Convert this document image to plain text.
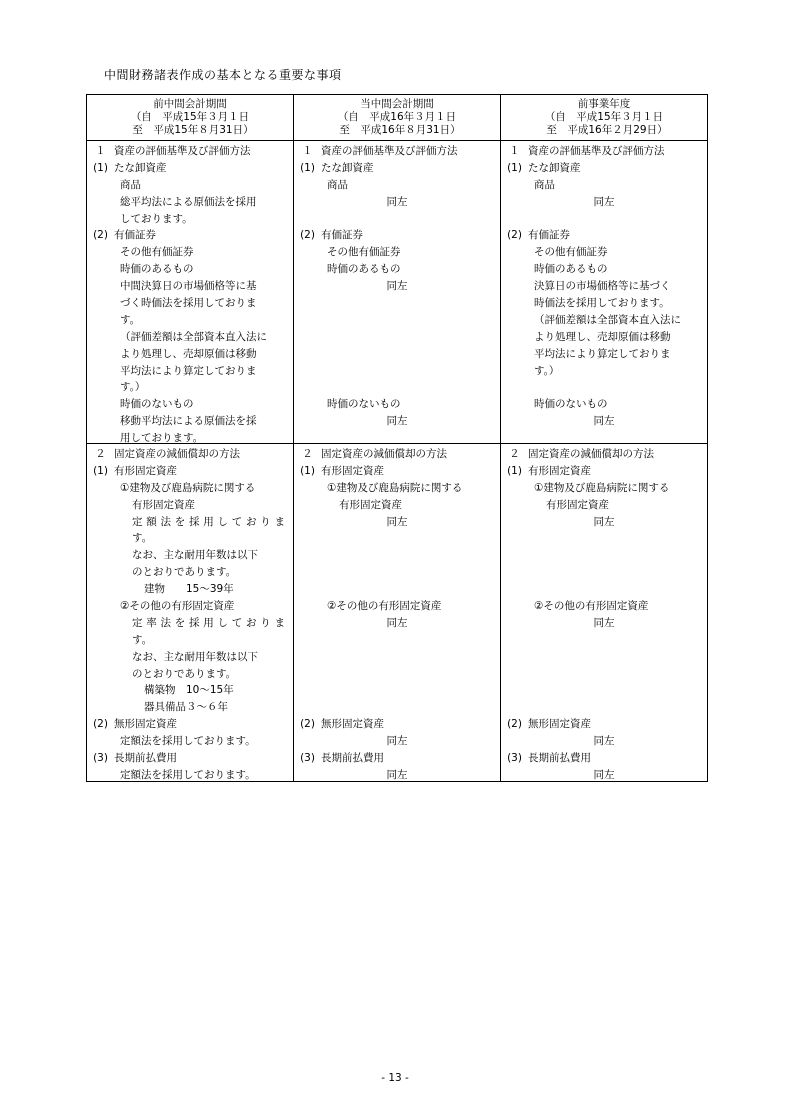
中間財務諸表作成の基本となる重要な事項
前中間会計期間
（自　平成15年３月１日
至　平成15年８月31日）
当中間会計期間
（自　平成16年３月１日
至　平成16年８月31日）
前事業年度
（自　平成15年３月１日
至　平成16年２月29日）
１ 資産の評価基準及び評価方法
(1) たな卸資産
商品
総平均法による原価法を採用
しております。
(2) 有価証券
その他有価証券
時価のあるもの
中間決算日の市場価格等に基
づく時価法を採用しておりま
す。
（評価差額は全部資本直入法に
より処理し、売却原価は移動
平均法により算定しておりま
す。）
時価のないもの
移動平均法による原価法を採
用しております。
１ 資産の評価基準及び評価方法
(1) たな卸資産
商品
同左
(2) 有価証券
その他有価証券
時価のあるもの
同左
時価のないもの
同左
１ 資産の評価基準及び評価方法
(1) たな卸資産
商品
同左
(2) 有価証券
その他有価証券
時価のあるもの
決算日の市場価格等に基づく
時価法を採用しております。
（評価差額は全部資本直入法に
より処理し、売却原価は移動
平均法により算定しておりま
す。）
時価のないもの
同左
２ 固定資産の減価償却の方法
(1) 有形固定資産
①建物及び鹿島病院に関する
有形固定資産
定額法を採用しておりま
す。
なお、主な耐用年数は以下
のとおりであります。
建物　　15～39年
②その他の有形固定資産
定率法を採用しておりま
す。
なお、主な耐用年数は以下
のとおりであります。
構築物　10～15年
器具備品３～６年
(2) 無形固定資産
定額法を採用しております。
(3) 長期前払費用
定額法を採用しております。
２ 固定資産の減価償却の方法
(1) 有形固定資産
①建物及び鹿島病院に関する
有形固定資産
同左
②その他の有形固定資産
同左
(2) 無形固定資産
同左
(3) 長期前払費用
同左
２ 固定資産の減価償却の方法
(1) 有形固定資産
①建物及び鹿島病院に関する
有形固定資産
同左
②その他の有形固定資産
同左
(2) 無形固定資産
同左
(3) 長期前払費用
同左
- 13 -
